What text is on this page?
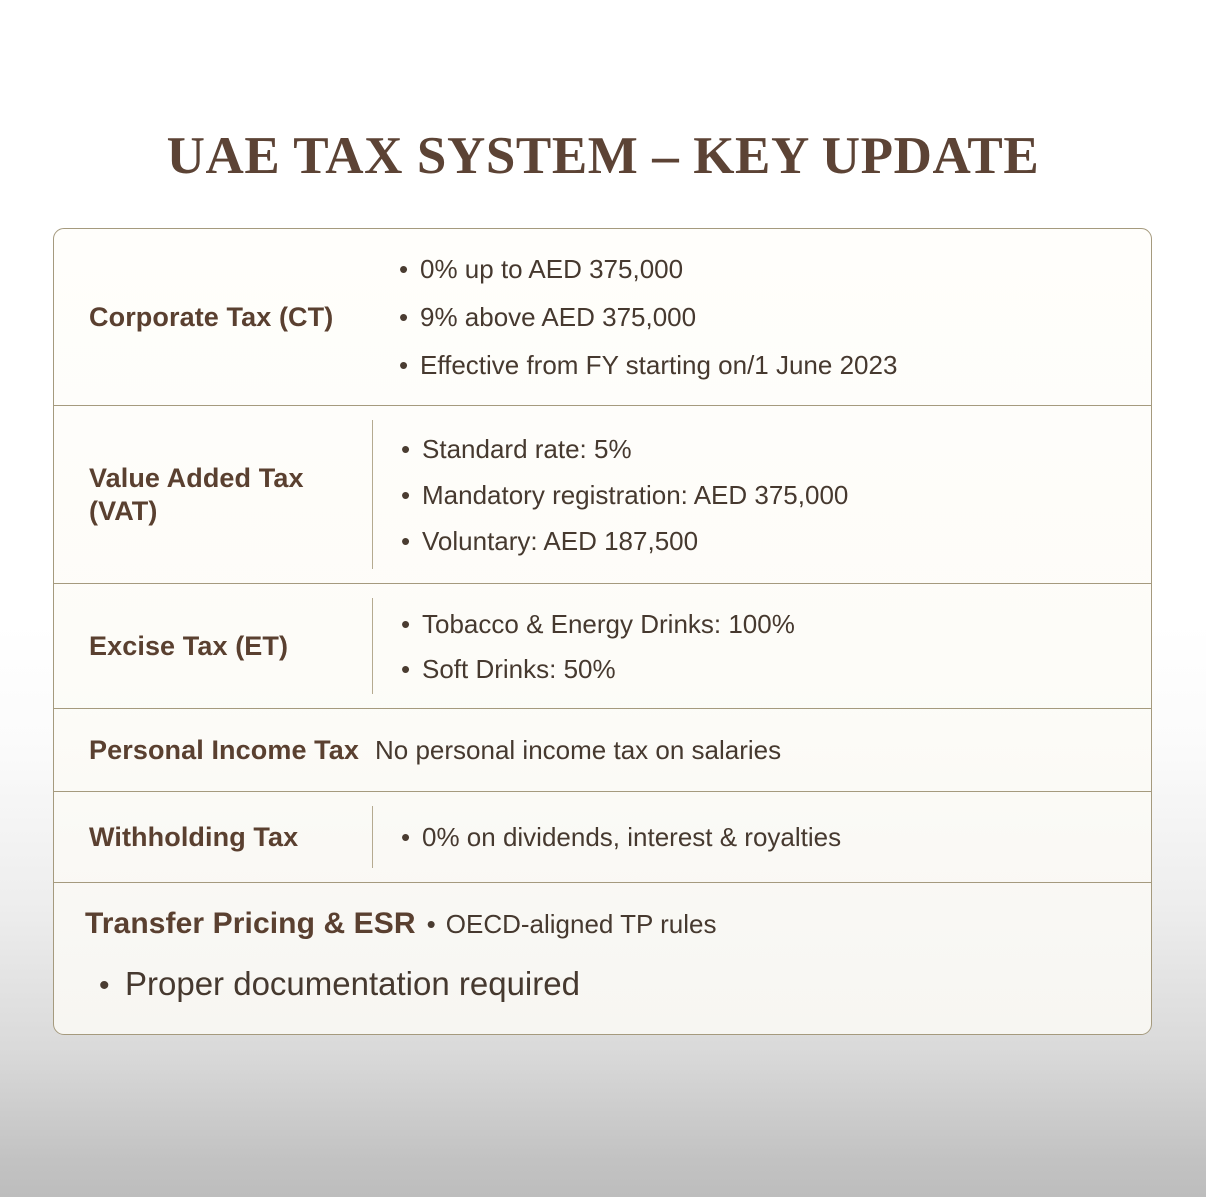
UAE TAX SYSTEM – KEY UPDATE
Corporate Tax (CT)
• 0% up to AED 375,000
• 9% above AED 375,000
• Effective from FY starting on/1 June 2023
Value Added Tax
(VAT)
• Standard rate: 5%
• Mandatory registration: AED 375,000
• Voluntary: AED 187,500
Excise Tax (ET)
• Tobacco & Energy Drinks: 100%
• Soft Drinks: 50%
Personal Income Tax No personal income tax on salaries
Withholding Tax	• 0% on dividends, interest & royalties
Transfer Pricing & ESR • OECD-aligned TP rules
• Proper documentation required
